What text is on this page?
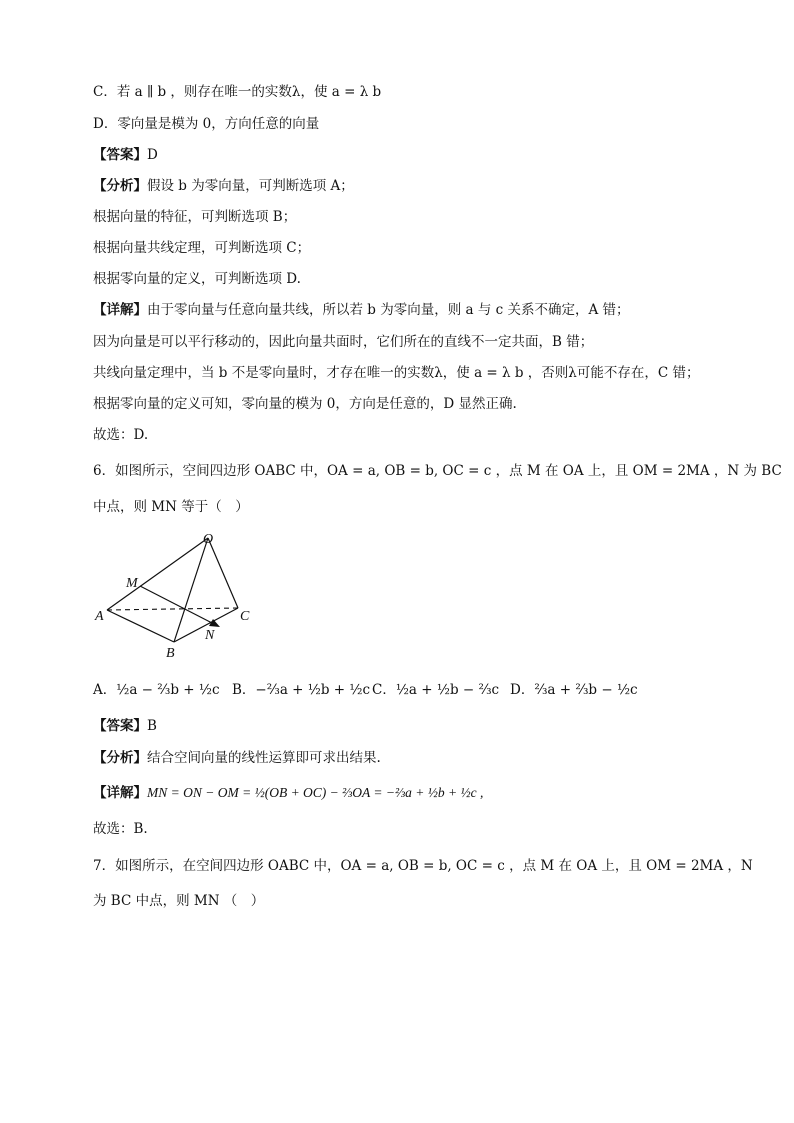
C．若 a ∥ b ，则存在唯一的实数λ，使 a = λ b
D．零向量是模为 0，方向任意的向量
【答案】D
【分析】假设 b 为零向量，可判断选项 A；
根据向量的特征，可判断选项 B；
根据向量共线定理，可判断选项 C；
根据零向量的定义，可判断选项 D.
【详解】由于零向量与任意向量共线，所以若 b 为零向量，则 a 与 c 关系不确定，A 错；
因为向量是可以平行移动的，因此向量共面时，它们所在的直线不一定共面，B 错；
共线向量定理中，当 b 不是零向量时，才存在唯一的实数λ，使 a = λ b ，否则λ可能不存在，C 错；
根据零向量的定义可知，零向量的模为 0，方向是任意的，D 显然正确.
故选：D.
6．如图所示，空间四边形 OABC 中，OA = a, OB = b, OC = c ，点 M 在 OA 上，且 OM = 2MA ，N 为 BC
中点，则 MN 等于（　）
O
M
A
B
C
N
A．½a − ⅔b + ½c B．−⅔a + ½b + ½c C．½a + ½b − ⅔c D．⅔a + ⅔b − ½c
【答案】B
【分析】结合空间向量的线性运算即可求出结果.
【详解】MN = ON − OM = ½(OB + OC) − ⅔OA = −⅔a + ½b + ½c ,
故选：B.
7．如图所示，在空间四边形 OABC 中，OA = a, OB = b, OC = c ，点 M 在 OA 上，且 OM = 2MA ，N
为 BC 中点，则 MN （　）
